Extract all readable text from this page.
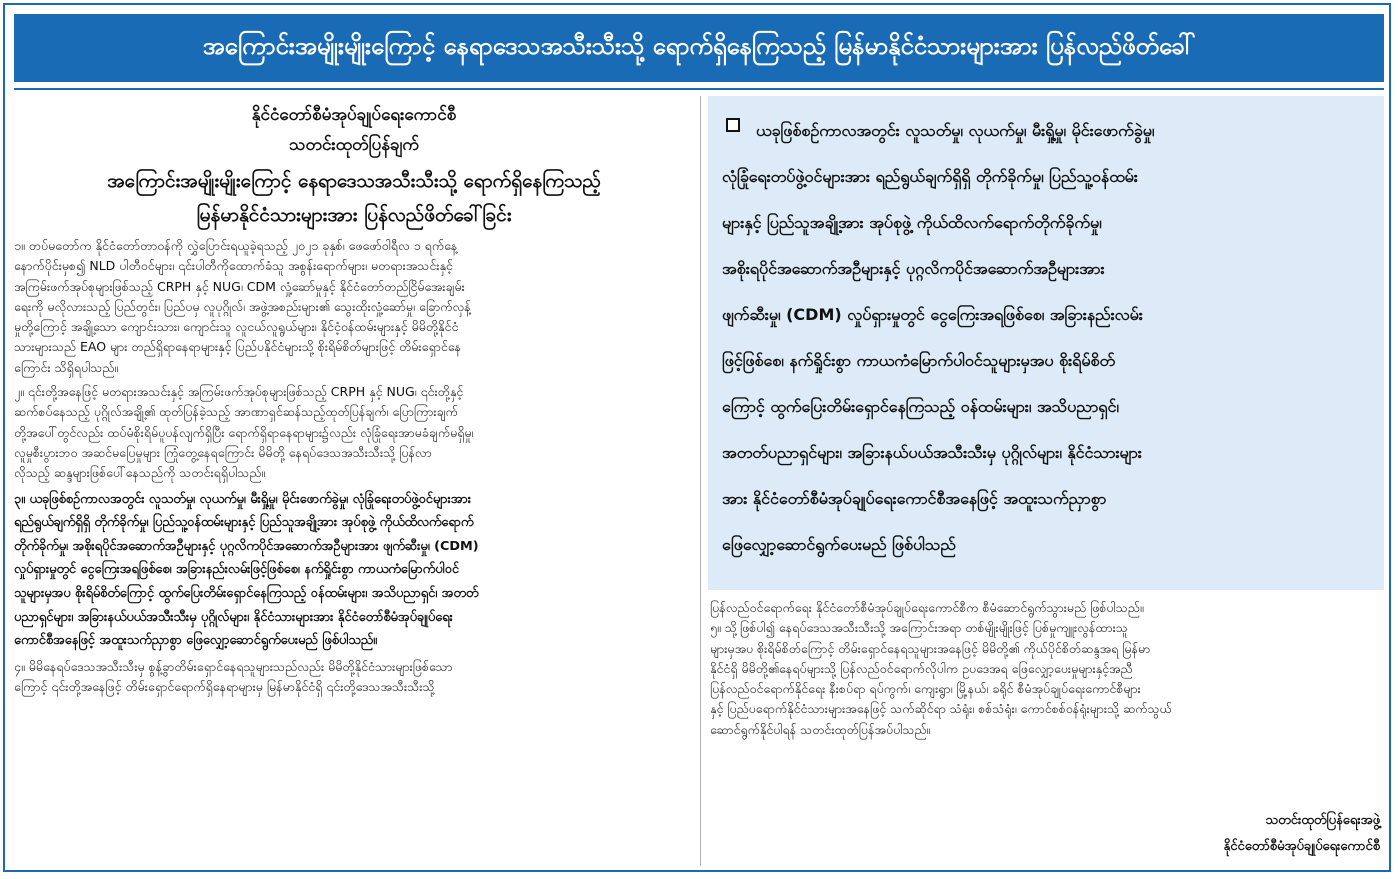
အကြောင်းအမျိုးမျိုးကြောင့် နေရာဒေသအသီးသီးသို့ ရောက်ရှိနေကြသည့် မြန်မာနိုင်ငံသားများအား ပြန်လည်ဖိတ်ခေါ်
နိုင်ငံတော်စီမံအုပ်ချုပ်ရေးကောင်စီ
သတင်းထုတ်ပြန်ချက်
အကြောင်းအမျိုးမျိုးကြောင့် နေရာဒေသအသီးသီးသို့ ရောက်ရှိနေကြသည့်
မြန်မာနိုင်ငံသားများအား ပြန်လည်ဖိတ်ခေါ်ခြင်း
၁။ တပ်မတော်က နိုင်ငံတော်တာဝန်ကို လွှဲပြောင်းရယူခဲ့ရသည့် ၂၀၂၁ ခုနှစ်၊ ဖေဖော်ဝါရီလ ၁ ရက်နေ့
နောက်ပိုင်းမှစ၍ NLD ပါတီဝင်များ၊ ၎င်းပါတီကိုထောက်ခံသူ အစွန်းရောက်များ၊ မတရားအသင်းနှင့်
အကြမ်းဖက်အုပ်စုများဖြစ်သည့် CRPH နှင့် NUG၊ CDM လှုံ့ဆော်မှုနှင့် နိုင်ငံတော်တည်ငြိမ်အေးချမ်း
ရေးကို မလိုလားသည့် ပြည်တွင်း၊ ပြည်ပမှ လူပုဂ္ဂိုလ်၊ အဖွဲ့အစည်းများ၏ သွေးထိုးလှုံ့ဆော်မှု၊ ခြောက်လှန့်
မှုတို့ကြောင့် အချို့သော ကျောင်းသား၊ ကျောင်းသူ လူငယ်လူရွယ်များ၊ နိုင်ငံ့ဝန်ထမ်းများနှင့် မိမိတို့နိုင်ငံ
သားများသည် EAO များ တည်ရှိရာနေရာများနှင့် ပြည်ပနိုင်ငံများသို့ စိုးရိမ်စိတ်များဖြင့် တိမ်းရှောင်နေ
ကြောင်း သိရှိရပါသည်။
၂။ ၎င်းတို့အနေဖြင့် မတရားအသင်းနှင့် အကြမ်းဖက်အုပ်စုများဖြစ်သည့် CRPH နှင့် NUG၊ ၎င်းတို့နှင့်
ဆက်စပ်နေသည့် ပုဂ္ဂိုလ်အချို့၏ ထုတ်ပြန်ခဲ့သည့် အာဏာရှင်ဆန်သည့်ထုတ်ပြန်ချက်၊ ပြောကြားချက်
တို့အပေါ်တွင်လည်း ထပ်မံစိုးရိမ်ပူပန်လျက်ရှိပြီး ရောက်ရှိရာနေရာများ၌လည်း လုံခြုံရေးအာမခံချက်မရှိမှု၊
လူမှုစီးပွားဘဝ အဆင်မပြေမှုများ ကြုံတွေ့နေရကြောင်း မိမိတို့ နေရပ်ဒေသအသီးသီးသို့ ပြန်လာ
လိုသည့် ဆန္ဒများဖြစ်ပေါ်နေသည်ကို သတင်းရရှိပါသည်။
၃။ ယခုဖြစ်စဉ်ကာလအတွင်း လူသတ်မှု၊ လုယက်မှု၊ မီးရှို့မှု၊ မိုင်းဖောက်ခွဲမှု၊ လုံခြုံရေးတပ်ဖွဲ့ဝင်များအား
ရည်ရွယ်ချက်ရှိရှိ တိုက်ခိုက်မှု၊ ပြည်သူ့ဝန်ထမ်းများနှင့် ပြည်သူအချို့အား အုပ်စုဖွဲ့ ကိုယ်ထိလက်ရောက်
တိုက်ခိုက်မှု၊ အစိုးရပိုင်အဆောက်အဦများနှင့် ပုဂ္ဂလိကပိုင်အဆောက်အဦများအား ဖျက်ဆီးမှု၊ (CDM)
လှုပ်ရှားမှုတွင် ငွေကြေးအရဖြစ်စေ၊ အခြားနည်းလမ်းဖြင့်ဖြစ်စေ၊ နက်ရှိုင်းစွာ ကာယကံမြောက်ပါဝင်
သူများမှအပ စိုးရိမ်စိတ်ကြောင့် ထွက်ပြေးတိမ်းရှောင်နေကြသည့် ဝန်ထမ်းများ၊ အသိပညာရှင်၊ အတတ်
ပညာရှင်များ၊ အခြားနယ်ပယ်အသီးသီးမှ ပုဂ္ဂိုလ်များ၊ နိုင်ငံသားများအား နိုင်ငံတော်စီမံအုပ်ချုပ်ရေး
ကောင်စီအနေဖြင့် အထူးသက်ညှာစွာ ဖြေလျှော့ဆောင်ရွက်ပေးမည် ဖြစ်ပါသည်။
၄။ မိမိနေရပ်ဒေသအသီးသီးမှ စွန့်ခွာတိမ်းရှောင်နေရသူများသည်လည်း မိမိတို့နိုင်ငံသားများဖြစ်သော
ကြောင့် ၎င်းတို့အနေဖြင့် တိမ်းရှောင်ရောက်ရှိနေရာများမှ မြန်မာနိုင်ငံရှိ ၎င်းတို့ဒေသအသီးသီးသို့
ယခုဖြစ်စဉ်ကာလအတွင်း လူသတ်မှု၊ လုယက်မှု၊ မီးရှို့မှု၊ မိုင်းဖောက်ခွဲမှု၊
လုံခြုံရေးတပ်ဖွဲ့ဝင်များအား ရည်ရွယ်ချက်ရှိရှိ တိုက်ခိုက်မှု၊ ပြည်သူ့ဝန်ထမ်း
များနှင့် ပြည်သူအချို့အား အုပ်စုဖွဲ့ ကိုယ်ထိလက်ရောက်တိုက်ခိုက်မှု၊
အစိုးရပိုင်အဆောက်အဦများနှင့် ပုဂ္ဂလိကပိုင်အဆောက်အဦများအား
ဖျက်ဆီးမှု၊ (CDM) လှုပ်ရှားမှုတွင် ငွေကြေးအရဖြစ်စေ၊ အခြားနည်းလမ်း
ဖြင့်ဖြစ်စေ၊ နက်ရှိုင်းစွာ ကာယကံမြောက်ပါဝင်သူများမှအပ စိုးရိမ်စိတ်
ကြောင့် ထွက်ပြေးတိမ်းရှောင်နေကြသည့် ဝန်ထမ်းများ၊ အသိပညာရှင်၊
အတတ်ပညာရှင်များ၊ အခြားနယ်ပယ်အသီးသီးမှ ပုဂ္ဂိုလ်များ၊ နိုင်ငံသားများ
အား နိုင်ငံတော်စီမံအုပ်ချုပ်ရေးကောင်စီအနေဖြင့် အထူးသက်ညှာစွာ
ဖြေလျှော့ဆောင်ရွက်ပေးမည် ဖြစ်ပါသည်
ပြန်လည်ဝင်ရောက်ရေး နိုင်ငံတော်စီမံအုပ်ချုပ်ရေးကောင်စီက စီမံဆောင်ရွက်သွားမည် ဖြစ်ပါသည်။
၅။ သို့ဖြစ်ပါ၍ နေရပ်ဒေသအသီးသီးသို့ အကြောင်းအရာ တစ်မျိုးမျိုးဖြင့် ပြစ်မှုကျူးလွန်ထားသူ
များမှအပ စိုးရိမ်စိတ်ကြောင့် တိမ်းရှောင်နေရသူများအနေဖြင့် မိမိတို့၏ ကိုယ်ပိုင်စိတ်ဆန္ဒအရ မြန်မာ
နိုင်ငံရှိ မိမိတို့၏နေရပ်များသို့ ပြန်လည်ဝင်ရောက်လိုပါက ဥပဒေအရ ဖြေလျှော့ပေးမှုများနှင့်အညီ
ပြန်လည်ဝင်ရောက်နိုင်ရေး နီးစပ်ရာ ရပ်ကွက်၊ ကျေးရွာ၊ မြို့နယ်၊ ခရိုင် စီမံအုပ်ချုပ်ရေးကောင်စီများ
နှင့် ပြည်ပရောက်နိုင်ငံသားများအနေဖြင့် သက်ဆိုင်ရာ သံရုံး၊ စစ်သံရုံး၊ ကောင်စစ်ဝန်ရုံးများသို့ ဆက်သွယ်
ဆောင်ရွက်နိုင်ပါရန် သတင်းထုတ်ပြန်အပ်ပါသည်။
သတင်းထုတ်ပြန်ရေးအဖွဲ့
နိုင်ငံတော်စီမံအုပ်ချုပ်ရေးကောင်စီ
